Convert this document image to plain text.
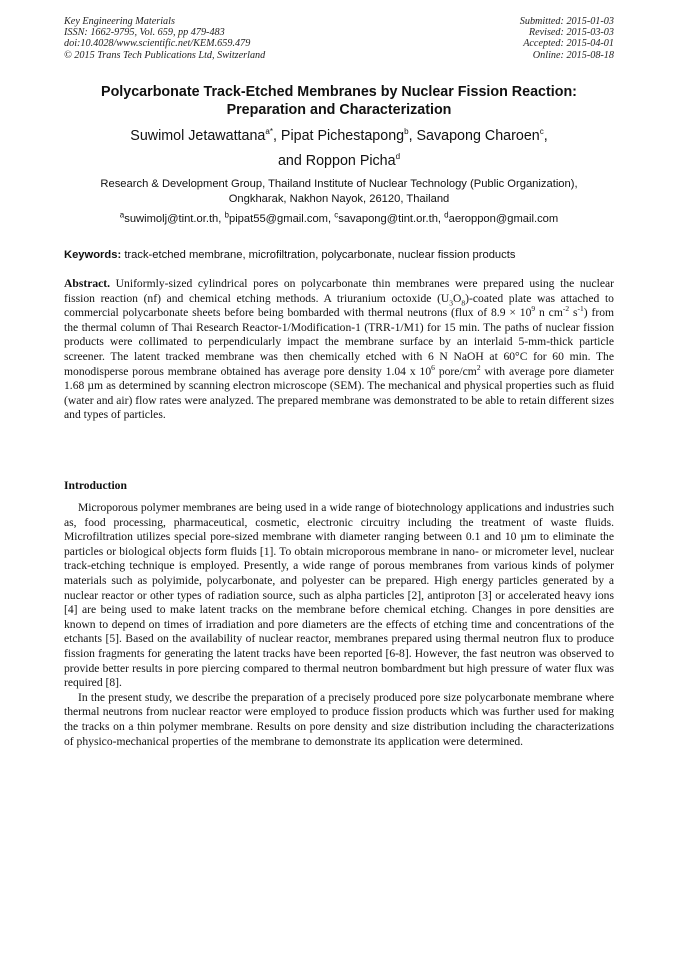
Key Engineering Materials
ISSN: 1662-9795, Vol. 659, pp 479-483
doi:10.4028/www.scientific.net/KEM.659.479
© 2015 Trans Tech Publications Ltd, Switzerland
Submitted: 2015-01-03
Revised: 2015-03-03
Accepted: 2015-04-01
Online: 2015-08-18
Polycarbonate Track-Etched Membranes by Nuclear Fission Reaction:
Preparation and Characterization
Suwimol Jetawattana$^{a*}$, Pipat Pichestapong$^b$, Savapong Charoen$^c$,
and Roppon Picha$^d$
Research & Development Group, Thailand Institute of Nuclear Technology (Public Organization),
Ongkharak, Nakhon Nayok, 26120, Thailand
$^a$suwimolj@tint.or.th, $^b$pipat55@gmail.com, $^c$savapong@tint.or.th, $^d$aeroppon@gmail.com
Keywords: track-etched membrane, microfiltration, polycarbonate, nuclear fission products
Abstract. Uniformly-sized cylindrical pores on polycarbonate thin membranes were prepared using the nuclear fission reaction (nf) and chemical etching methods. A triuranium octoxide $(U_3O_8)$-coated plate was attached to commercial polycarbonate sheets before being bombarded with thermal neutrons (flux of $8.9 \times 10^9$ n $cm^{-2}$ $s^{-1}$) from the thermal column of Thai Research Reactor-1/Modification-1 (TRR-1/M1) for 15 min. The paths of nuclear fission products were collimated to perpendicularly impact the membrane surface by an interlaid 5-mm-thick particle screener. The latent tracked membrane was then chemically etched with 6 N NaOH at 60°C for 60 min. The monodisperse porous membrane obtained has average pore density 1.04 x $10^6$ pore/$cm^2$ with average pore diameter 1.68 µm as determined by scanning electron microscope (SEM). The mechanical and physical properties such as fluid (water and air) flow rates were analyzed. The prepared membrane was demonstrated to be able to retain different sizes and types of particles.
Introduction

Microporous polymer membranes are being used in a wide range of biotechnology applications and industries such as, food processing, pharmaceutical, cosmetic, electronic circuitry including the treatment of waste fluids. Microfiltration utilizes special pore-sized membrane with diameter ranging between 0.1 and 10 µm to eliminate the particles or biological objects form fluids [1]. To obtain microporous membrane in nano- or micrometer level, nuclear track-etching technique is employed. Presently, a wide range of porous membranes from various kinds of polymer materials such as polyimide, polycarbonate, and polyester can be prepared. High energy particles generated by a nuclear reactor or other types of radiation source, such as alpha particles [2], antiproton [3] or accelerated heavy ions [4] are being used to make latent tracks on the membrane before chemical etching. Changes in pore densities are known to depend on times of irradiation and pore diameters are the effects of etching time and concentrations of the etchants [5]. Based on the availability of nuclear reactor, membranes prepared using thermal neutron flux to produce fission fragments for generating the latent tracks have been reported [6-8]. However, the fast neutron was observed to provide better results in pore piercing compared to thermal neutron bombardment but high pressure of water flux was required [8].

In the present study, we describe the preparation of a precisely produced pore size polycarbonate membrane where thermal neutrons from nuclear reactor were employed to produce fission products which was further used for making the tracks on a thin polymer membrane. Results on pore density and size distribution including the characterizations of physico-mechanical properties of the membrane to demonstrate its application were determined.
